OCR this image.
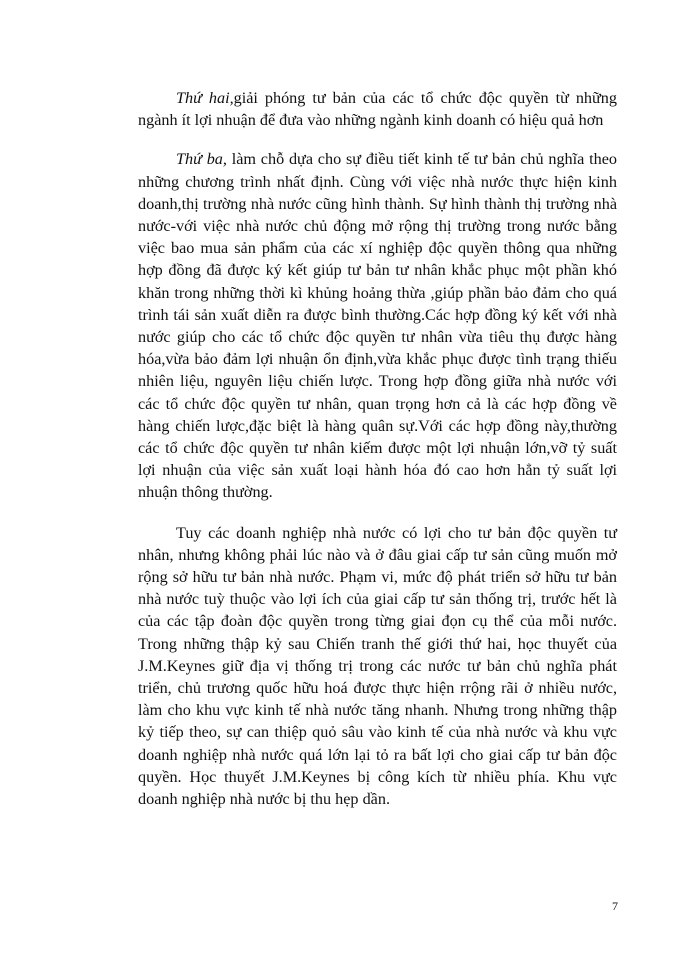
Thứ hai,giải phóng tư bản của các tổ chức độc quyền từ những ngành ít lợi nhuận để đưa vào những ngành kinh doanh có hiệu quả hơn

Thứ ba, làm chỗ dựa cho sự điều tiết kinh tế tư bản chủ nghĩa theo những chương trình nhất định. Cùng với việc nhà nước thực hiện kinh doanh,thị trường nhà nước cũng hình thành. Sự hình thành thị trường nhà nước-với việc nhà nước chủ động mở rộng thị trường trong nước bằng việc bao mua sản phẩm của các xí nghiệp độc quyền thông qua những hợp đồng đã được ký kết giúp tư bản tư nhân khắc phục một phần khó khăn trong những thời kì khủng hoảng thừa ,giúp phần bảo đảm cho quá trình tái sản xuất diễn ra được bình thường.Các hợp đồng ký kết với nhà nước giúp cho các tổ chức độc quyền tư nhân vừa tiêu thụ được hàng hóa,vừa bảo đảm lợi nhuận ổn định,vừa khắc phục được tình trạng thiếu nhiên liệu, nguyên liệu chiến lược. Trong hợp đồng giữa nhà nước với các tổ chức độc quyền tư nhân, quan trọng hơn cả là các hợp đồng về hàng chiến lược,đặc biệt là hàng quân sự.Với các hợp đồng này,thường các tổ chức độc quyền tư nhân kiếm được một lợi nhuận lớn,vỡ tỷ suất lợi nhuận của việc sản xuất loại hành hóa đó cao hơn hẳn tỷ suất lợi nhuận thông thường.

Tuy các doanh nghiệp nhà nước có lợi cho tư bản độc quyền tư nhân, nhưng không phải lúc nào và ở đâu giai cấp tư sản cũng muốn mở rộng sở hữu tư bản nhà nước. Phạm vi, mức độ phát triển sở hữu tư bản nhà nước tuỳ thuộc vào lợi ích của giai cấp tư sản thống trị, trước hết là của các tập đoàn độc quyền trong từng giai đọn cụ thể của mỗi nước. Trong những thập kỷ sau Chiến tranh thế giới thứ hai, học thuyết của J.M.Keynes giữ địa vị thống trị trong các nước tư bản chủ nghĩa phát triển, chủ trương quốc hữu hoá được thực hiện rrộng rãi ở nhiều nước, làm cho khu vực kinh tế nhà nước tăng nhanh. Nhưng trong những thập kỷ tiếp theo, sự can thiệp quỏ sâu vào kinh tế của nhà nước và khu vực doanh nghiệp nhà nước quá lớn lại tỏ ra bất lợi cho giai cấp tư bản độc quyền. Học thuyết J.M.Keynes bị công kích từ nhiều phía. Khu vực doanh nghiệp nhà nước bị thu hẹp dần.

7
